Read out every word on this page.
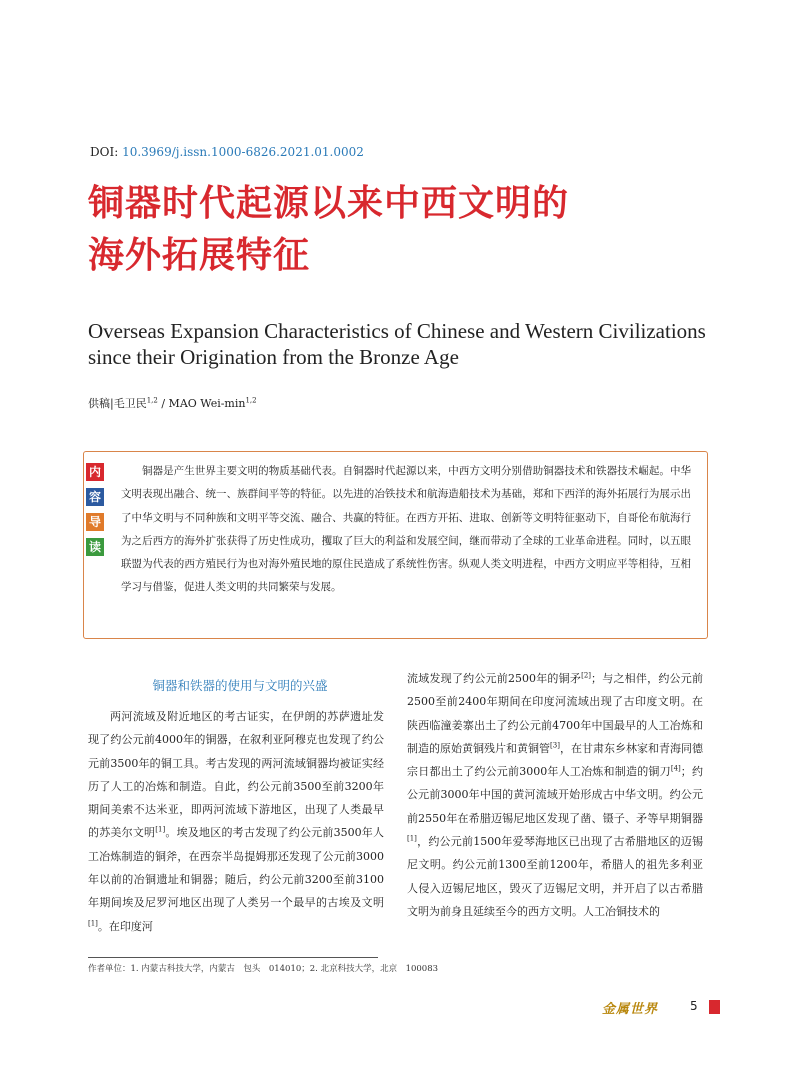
DOI: 10.3969/j.issn.1000-6826.2021.01.0002
铜器时代起源以来中西文明的
海外拓展特征
Overseas Expansion Characteristics of Chinese and Western Civilizations since their Origination from the Bronze Age
供稿|毛卫民$^{1,2}$ / MAO Wei-$\min^{1,2}$
内
容
导
读
铜器是产生世界主要文明的物质基础代表。自铜器时代起源以来，中西方文明分别借助铜器技术和铁器技术崛起。中华文明表现出融合、统一、族群间平等的特征。以先进的冶铁技术和航海造船技术为基础，郑和下西洋的海外拓展行为展示出了中华文明与不同种族和文明平等交流、融合、共赢的特征。在西方开拓、进取、创新等文明特征驱动下，自哥伦布航海行为之后西方的海外扩张获得了历史性成功，攫取了巨大的利益和发展空间，继而带动了全球的工业革命进程。同时，以五眼联盟为代表的西方殖民行为也对海外殖民地的原住民造成了系统性伤害。纵观人类文明进程，中西方文明应平等相待，互相学习与借鉴，促进人类文明的共同繁荣与发展。
铜器和铁器的使用与文明的兴盛
两河流域及附近地区的考古证实，在伊朗的苏萨遗址发现了约公元前4000年的铜器，在叙利亚阿穆克也发现了约公元前3500年的铜工具。考古发现的两河流域铜器均被证实经历了人工的冶炼和制造。自此，约公元前3500至前3200年期间美索不达米亚，即两河流域下游地区，出现了人类最早的苏美尔文明[1]。埃及地区的考古发现了约公元前3500年人工冶炼制造的铜斧，在西奈半岛提姆那还发现了公元前3000年以前的冶铜遗址和铜器；随后，约公元前3200至前3100年期间埃及尼罗河地区出现了人类另一个最早的古埃及文明[1]。在印度河
流域发现了约公元前2500年的铜矛[2]；与之相伴，约公元前2500至前2400年期间在印度河流域出现了古印度文明。在陕西临潼姜寨出土了约公元前4700年中国最早的人工冶炼和制造的原始黄铜残片和黄铜管[3]，在甘肃东乡林家和青海同德宗日都出土了约公元前3000年人工冶炼和制造的铜刀[4]；约公元前3000年中国的黄河流域开始形成古中华文明。约公元前2550年在希腊迈锡尼地区发现了凿、镊子、矛等早期铜器[1]，约公元前1500年爱琴海地区已出现了古希腊地区的迈锡尼文明。约公元前1300至前1200年，希腊人的祖先多利亚人侵入迈锡尼地区，毁灭了迈锡尼文明，并开启了以古希腊文明为前身且延续至今的西方文明。人工冶铜技术的
作者单位：1. 内蒙古科技大学，内蒙古　包头　014010；2. 北京科技大学，北京　100083
金属世界	5
